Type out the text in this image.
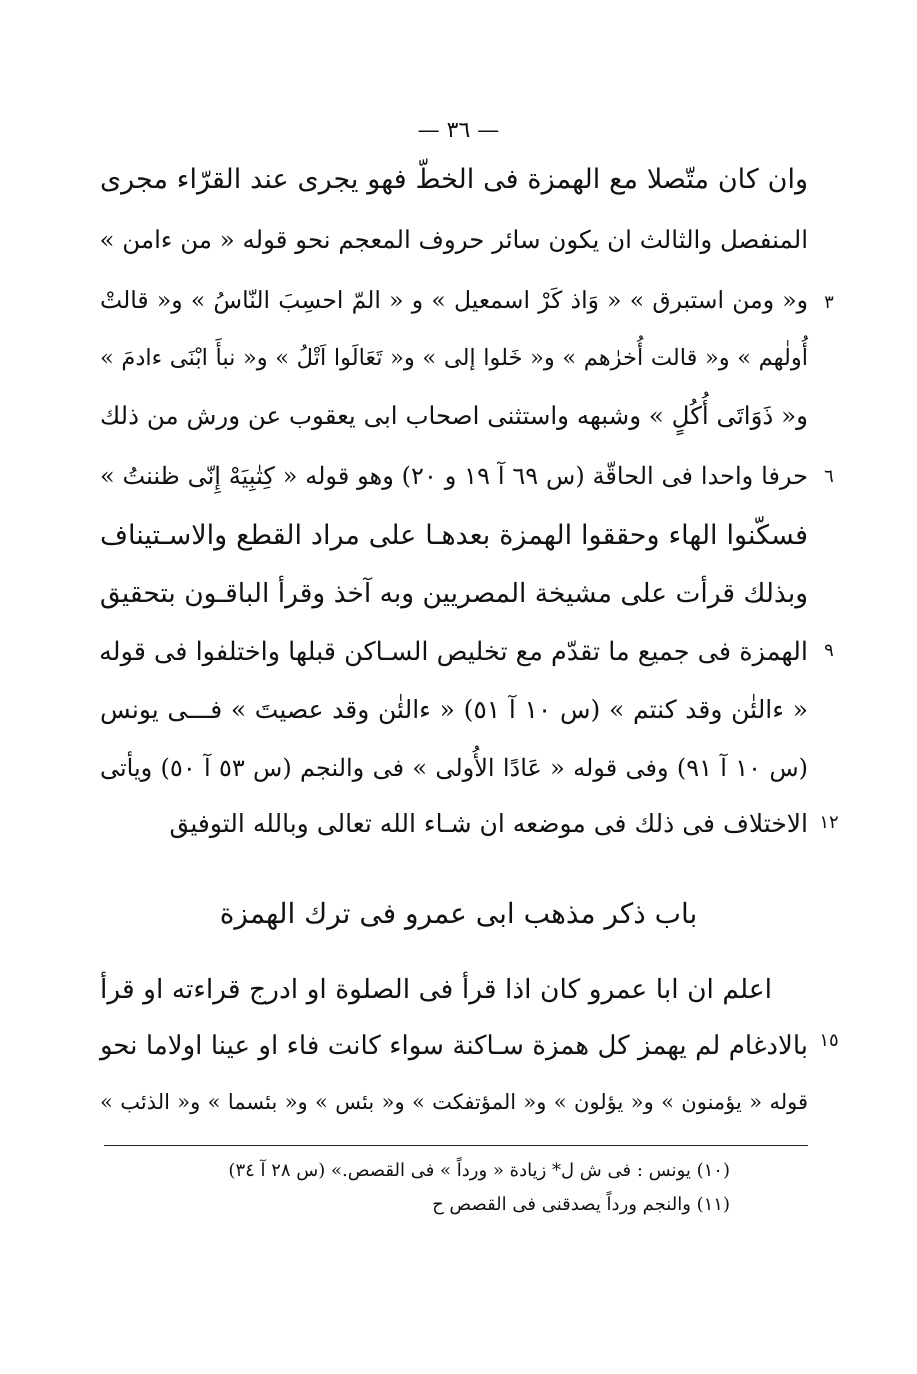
— ٣٦ —
وان كان متّصلا مع الهمزة فى الخطّ فهو يجرى عند القرّاء مجرى
المنفصل والثالث ان يكون سائر حروف المعجم نحو قوله « من ءامن »
و« ومن استبرق » « وَاذ كَرْ اسمعيل » و « المّ احسِبَ النّاسُ » و« قالتْ
أُولٰهم » و« قالت أُخرٰهم » و« خَلوا إلى » و« تَعَالَوا اَتْلُ » و« نبأَ ابْنَى ءادمَ »
و« ذَوَاتَى أُكُلٍ » وشبهه واستثنى اصحاب ابى يعقوب عن ورش من ذلك
حرفا واحدا فى الحاقّة (س ٦٩ آ ١٩ و ٢٠) وهو قوله « كِتٰبِيَهْ إِنّى ظننتُ »
فسكّنوا الهاء وحققوا الهمزة بعدهـا على مراد القطع والاسـتيناف
وبذلك قرأت على مشيخة المصريين وبه آخذ وقرأ الباقـون بتحقيق
الهمزة فى جميع ما تقدّم مع تخليص السـاكن قبلها واختلفوا فى قوله
« ءالئٰن وقد كنتم » (س ١٠ آ ٥١) « ءالئٰن وقد عصيتَ » فـــى يونس
(س ١٠ آ ٩١) وفى قوله « عَادًا الأُولى » فى والنجم (س ٥٣ آ ٥٠) ويأتى
الاختلاف فى ذلك فى موضعه ان شـاء الله تعالى وبالله التوفيق
٣
٦
٩
١٢
١٥
باب ذكر مذهب ابى عمرو فى ترك الهمزة
اعلم ان ابا عمرو كان اذا قرأ فى الصلوة او ادرج قراءته او قرأ
بالادغام لم يهمز كل همزة سـاكنة سواء كانت فاء او عينا اولاما نحو
قوله « يؤمنون » و« يؤلون » و« المؤتفكت » و« بئس » و« بئسما » و« الذئب »
(١٠) يونس : فى ش ل* زيادة « ورداً » فى القصص.» (س ٢٨ آ ٣٤)
(١١) والنجم ورداً يصدقنى فى القصص ح
